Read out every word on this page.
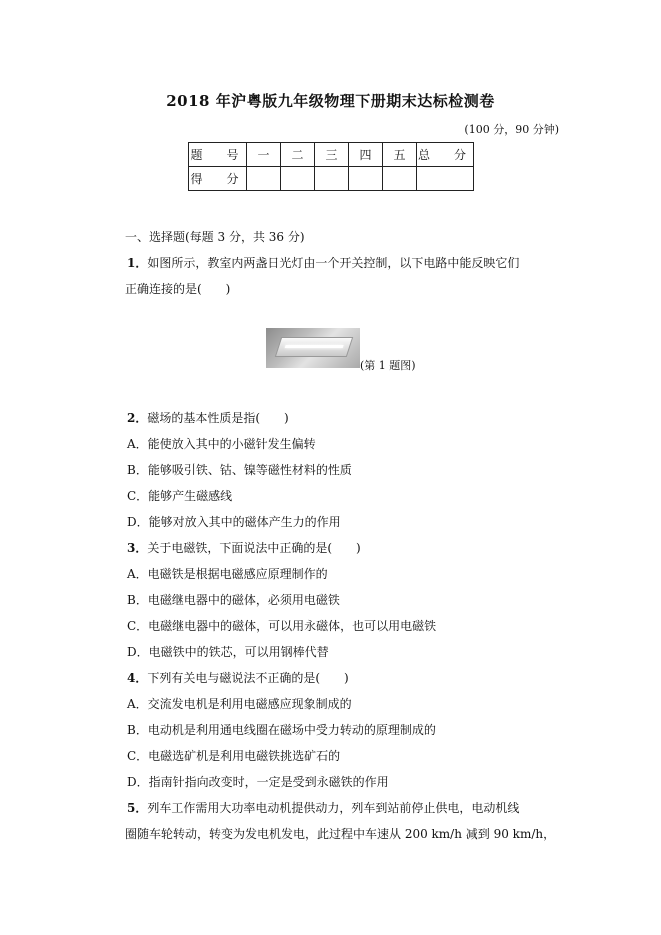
2018 年沪粤版九年级物理下册期末达标检测卷
(100 分，90 分钟)
题　号	一	二	三	四	五	总　分
得　分						
一、选择题(每题 3 分，共 36 分)
1．如图所示，教室内两盏日光灯由一个开关控制，以下电路中能反映它们
正确连接的是(　　)
(第 1 题图)
2．磁场的基本性质是指(　　)
A．能使放入其中的小磁针发生偏转
B．能够吸引铁、钴、镍等磁性材料的性质
C．能够产生磁感线
D．能够对放入其中的磁体产生力的作用
3．关于电磁铁，下面说法中正确的是(　　)
A．电磁铁是根据电磁感应原理制作的
B．电磁继电器中的磁体，必须用电磁铁
C．电磁继电器中的磁体，可以用永磁体，也可以用电磁铁
D．电磁铁中的铁芯，可以用钢棒代替
4．下列有关电与磁说法不正确的是(　　)
A．交流发电机是利用电磁感应现象制成的
B．电动机是利用通电线圈在磁场中受力转动的原理制成的
C．电磁选矿机是利用电磁铁挑选矿石的
D．指南针指向改变时，一定是受到永磁铁的作用
5．列车工作需用大功率电动机提供动力，列车到站前停止供电，电动机线
圈随车轮转动，转变为发电机发电，此过程中车速从 200 km/h 减到 90 km/h，
